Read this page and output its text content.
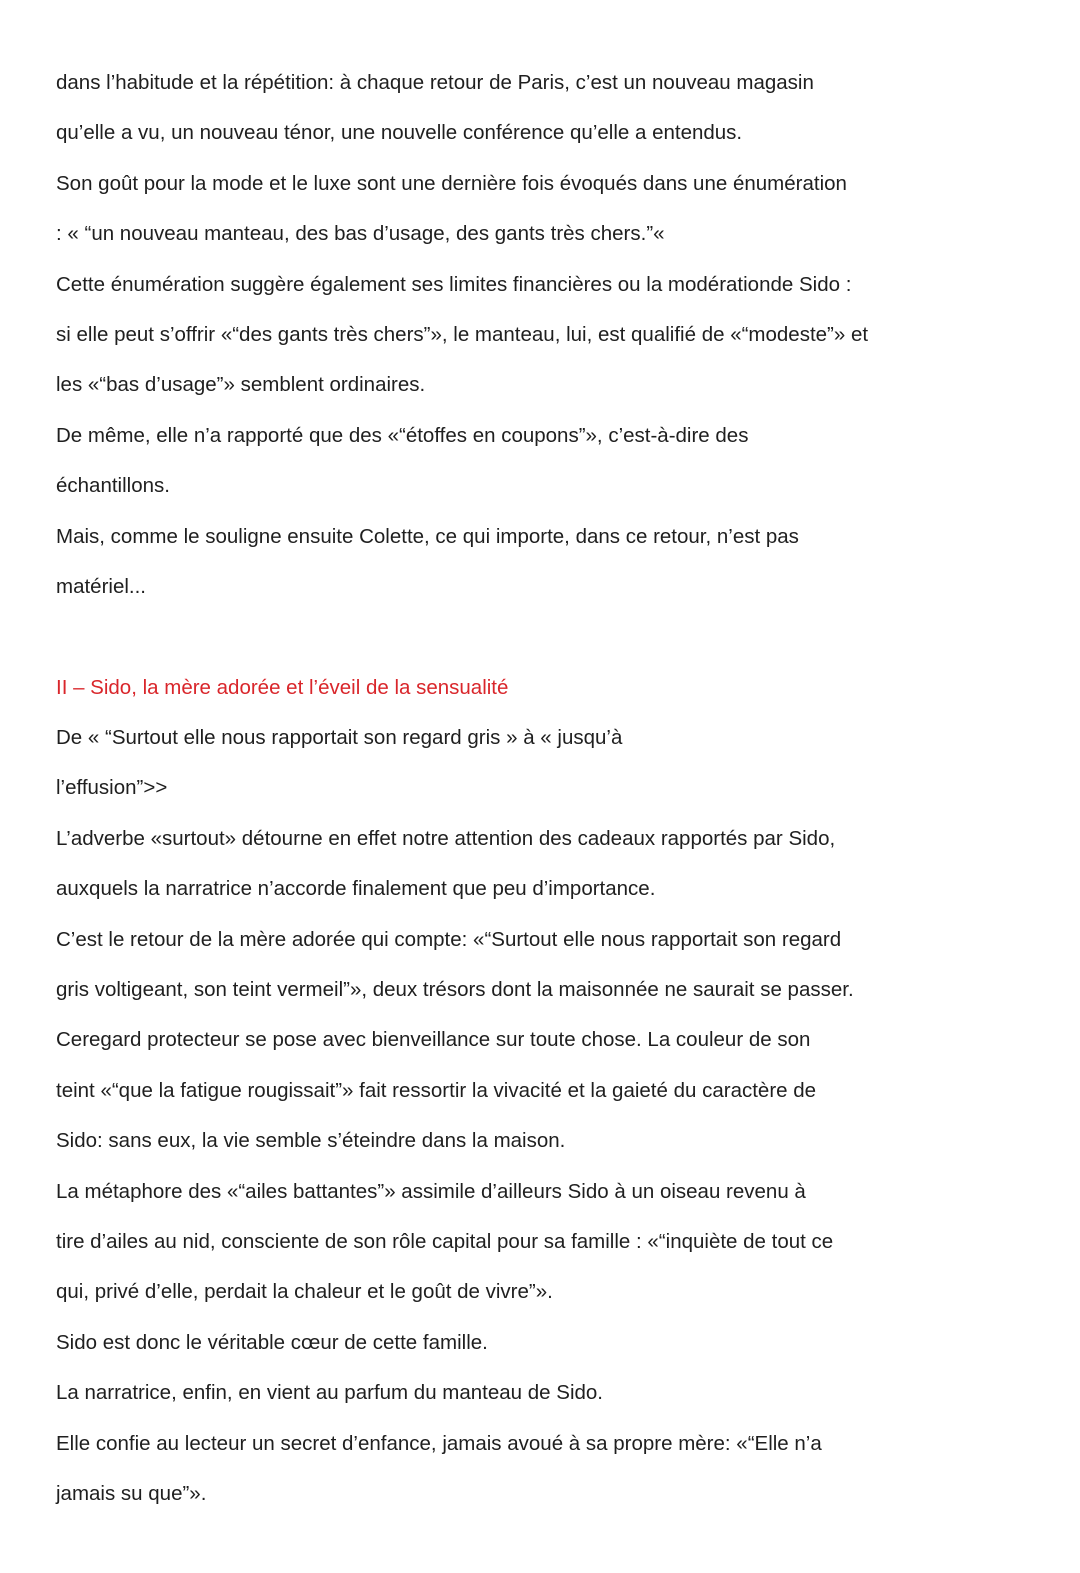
dans l’habitude et la répétition: à chaque retour de Paris, c’est un nouveau magasin
qu’elle a vu, un nouveau ténor, une nouvelle conférence qu’elle a entendus.
Son goût pour la mode et le luxe sont une dernière fois évoqués dans une énumération
: « “un nouveau manteau, des bas d’usage, des gants très chers.”«
Cette énumération suggère également ses limites financières ou la modérationde Sido :
si elle peut s’offrir «“des gants très chers”», le manteau, lui, est qualifié de «“modeste”» et
les «“bas d’usage”» semblent ordinaires.
De même, elle n’a rapporté que des «“étoffes en coupons”», c’est-à-dire des
échantillons.
Mais, comme le souligne ensuite Colette, ce qui importe, dans ce retour, n’est pas
matériel...
II – Sido, la mère adorée et l’éveil de la sensualité
De « “Surtout elle nous rapportait son regard gris » à « jusqu’à
l’effusion”>>
L’adverbe «surtout» détourne en effet notre attention des cadeaux rapportés par Sido,
auxquels la narratrice n’accorde finalement que peu d’importance.
C’est le retour de la mère adorée qui compte: «“Surtout elle nous rapportait son regard
gris voltigeant, son teint vermeil”», deux trésors dont la maisonnée ne saurait se passer.
Ceregard protecteur se pose avec bienveillance sur toute chose. La couleur de son
teint «“que la fatigue rougissait”» fait ressortir la vivacité et la gaieté du caractère de
Sido: sans eux, la vie semble s’éteindre dans la maison.
La métaphore des «“ailes battantes”» assimile d’ailleurs Sido à un oiseau revenu à
tire d’ailes au nid, consciente de son rôle capital pour sa famille : «“inquiète de tout ce
qui, privé d’elle, perdait la chaleur et le goût de vivre”».
Sido est donc le véritable cœur de cette famille.
La narratrice, enfin, en vient au parfum du manteau de Sido.
Elle confie au lecteur un secret d’enfance, jamais avoué à sa propre mère: «“Elle n’a
jamais su que”».
